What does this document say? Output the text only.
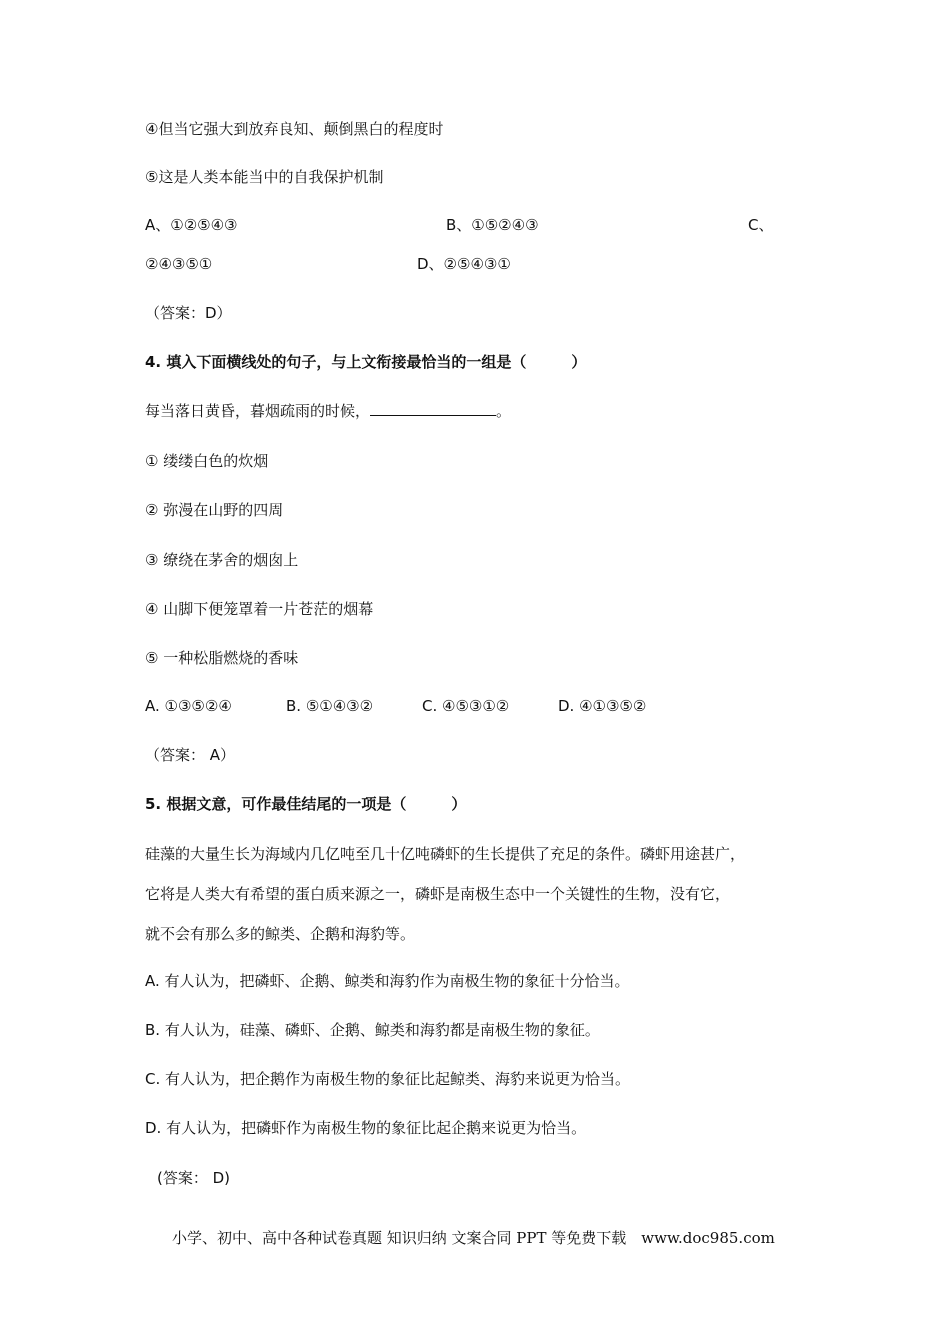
④但当它强大到放弃良知、颠倒黑白的程度时
⑤这是人类本能当中的自我保护机制
A、①②⑤④③	B、①⑤②④③	C、
②④③⑤①	D、②⑤④③①
（答案：D）
4. 填入下面横线处的句子，与上文衔接最恰当的一组是（　　　）
每当落日黄昏，暮烟疏雨的时候，	。
① 缕缕白色的炊烟
② 弥漫在山野的四周
③ 缭绕在茅舍的烟囱上
④ 山脚下便笼罩着一片苍茫的烟幕
⑤ 一种松脂燃烧的香味
A. ①③⑤②④	B. ⑤①④③②	C. ④⑤③①②	D. ④①③⑤②
（答案： A）
5. 根据文意，可作最佳结尾的一项是（　　　）
硅藻的大量生长为海域内几亿吨至几十亿吨磷虾的生长提供了充足的条件。磷虾用途甚广，
它将是人类大有希望的蛋白质来源之一，磷虾是南极生态中一个关键性的生物，没有它，
就不会有那么多的鲸类、企鹅和海豹等。
A. 有人认为，把磷虾、企鹅、鲸类和海豹作为南极生物的象征十分恰当。
B. 有人认为，硅藻、磷虾、企鹅、鲸类和海豹都是南极生物的象征。
C. 有人认为，把企鹅作为南极生物的象征比起鲸类、海豹来说更为恰当。
D. 有人认为，把磷虾作为南极生物的象征比起企鹅来说更为恰当。
(答案： D)
小学、初中、高中各种试卷真题 知识归纳 文案合同 PPT 等免费下载　www.doc985.com
